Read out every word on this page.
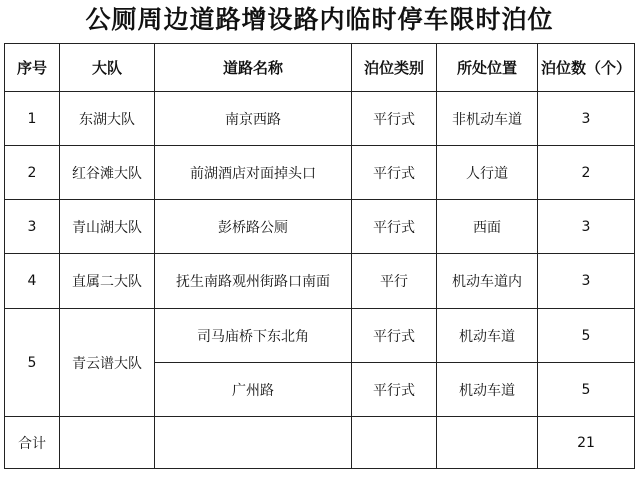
公厕周边道路增设路内临时停车限时泊位
序号	大队	道路名称	泊位类别	所处位置	泊位数（个）
1	东湖大队	南京西路	平行式	非机动车道	3
2	红谷滩大队	前湖酒店对面掉头口	平行式	人行道	2
3	青山湖大队	彭桥路公厕	平行式	西面	3
4	直属二大队	抚生南路观州街路口南面	平行	机动车道内	3
5	青云谱大队	司马庙桥下东北角	平行式	机动车道	5
		广州路	平行式	机动车道	5
合计					21
